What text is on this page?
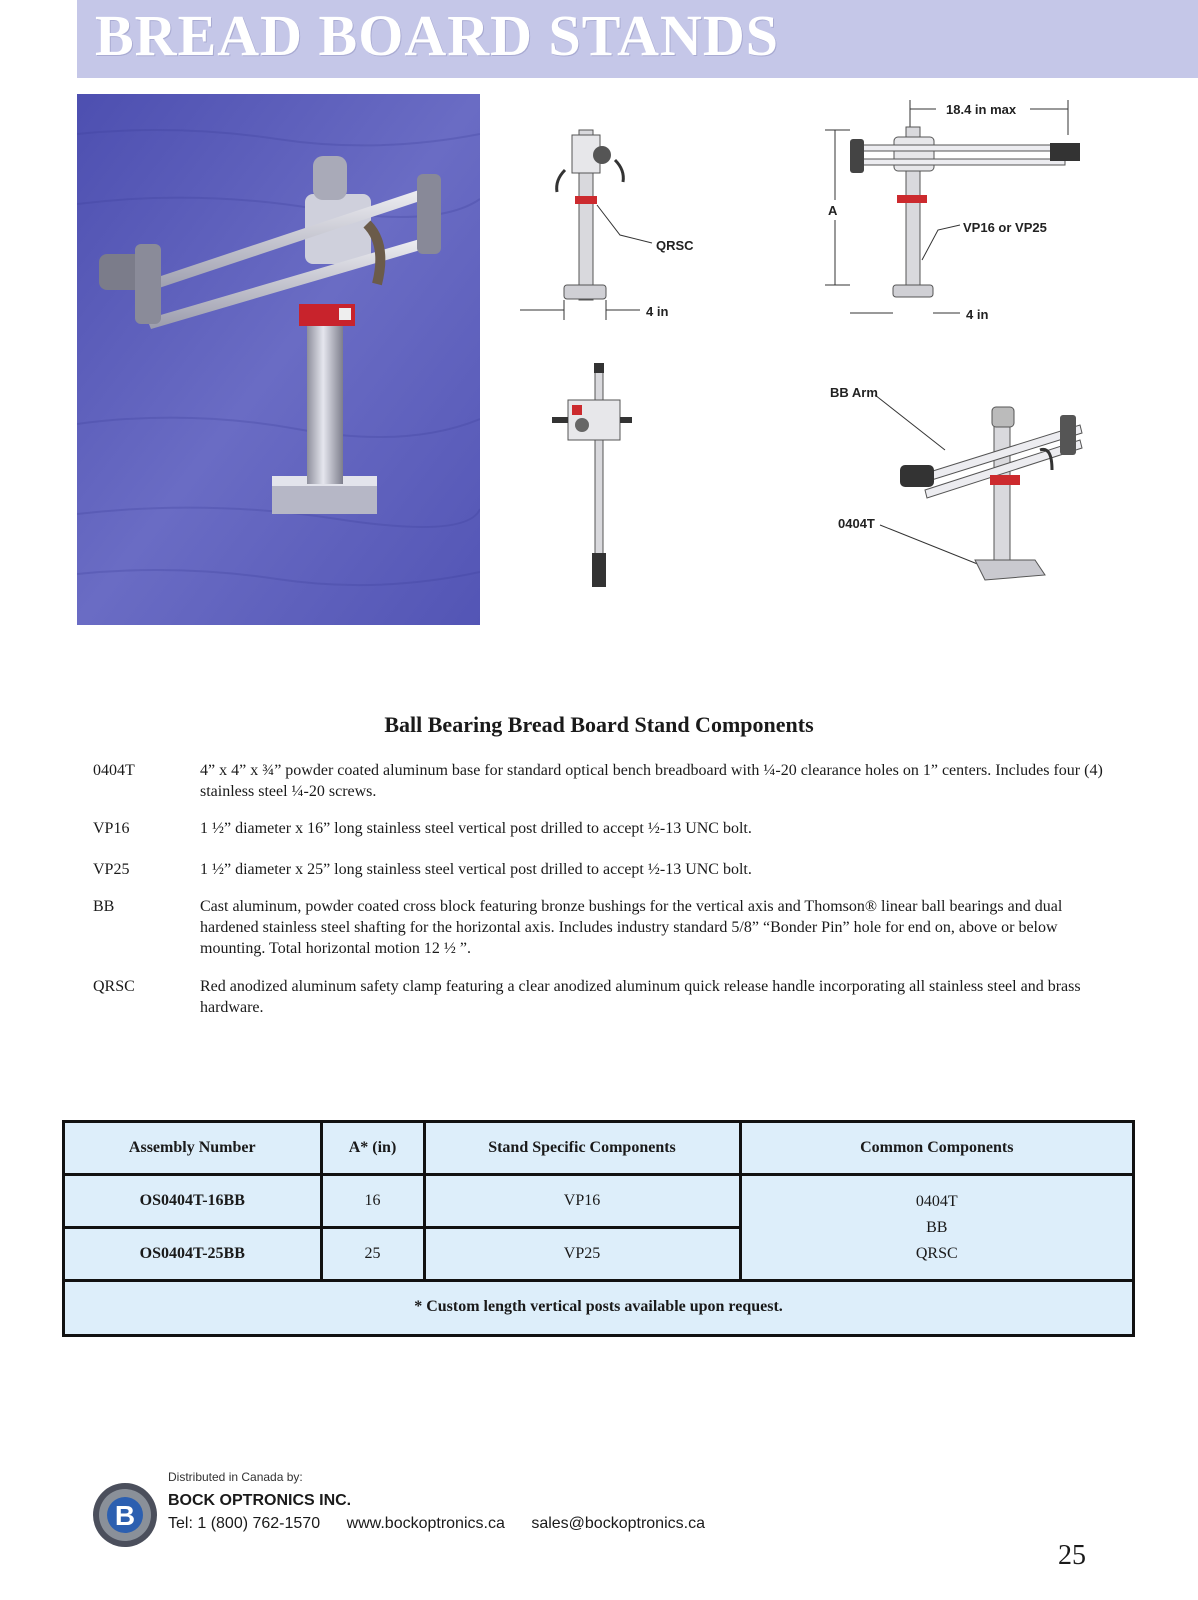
BREAD BOARD STANDS
QRSC
4 in
18.4 in max
A
VP16 or VP25
4 in
BB Arm
0404T
Ball Bearing Bread Board Stand Components
0404T	4” x 4” x ¾” powder coated aluminum base for standard optical bench breadboard with ¼-20 clearance holes on 1” centers. Includes four (4) stainless steel ¼-20 screws.
VP16	1 ½” diameter x 16” long stainless steel vertical post drilled to accept ½-13 UNC bolt.
VP25	1 ½” diameter x 25” long stainless steel vertical post drilled to accept ½-13 UNC bolt.
BB	Cast aluminum, powder coated cross block featuring bronze bushings for the vertical axis and Thomson® linear ball bearings and dual hardened stainless steel shafting for the horizontal axis. Includes industry standard 5/8” “Bonder Pin” hole for end on, above or below mounting. Total horizontal motion 12 ½ ”.
QRSC	Red anodized aluminum safety clamp featuring a clear anodized aluminum quick release handle incorporating all stainless steel and brass hardware.
Assembly Number	A* (in)	Stand Specific Components	Common Components
OS0404T-16BB	16	VP16	0404T
BB
QRSC

OS0404T-25BB	25	VP25	
* Custom length vertical posts available upon request.			
B
Distributed in Canada by:
BOCK OPTRONICS INC.
Tel: 1 (800) 762-1570 www.bockoptronics.ca sales@bockoptronics.ca
25
